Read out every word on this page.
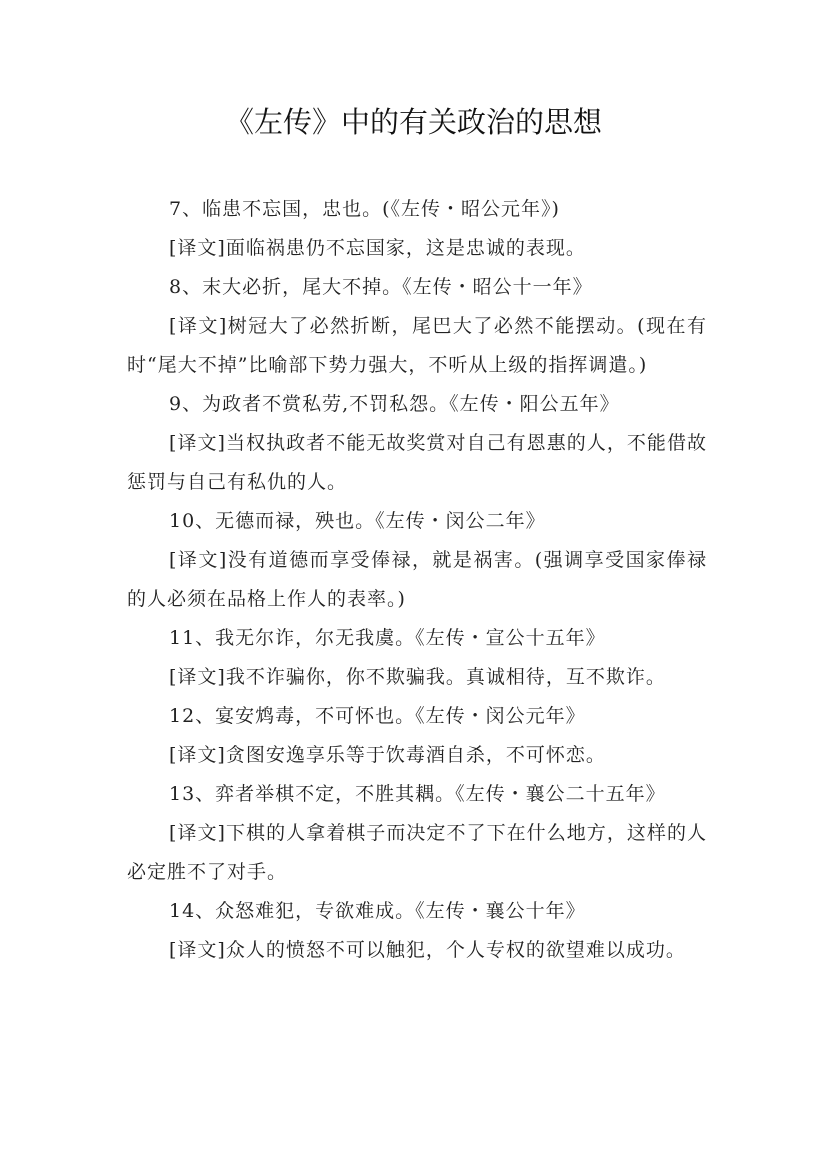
《左传》中的有关政治的思想

7、临患不忘国，忠也。(《左传・昭公元年》)

[译文]面临祸患仍不忘国家，这是忠诚的表现。

8、末大必折，尾大不掉。《左传・昭公十一年》

[译文]树冠大了必然折断，尾巴大了必然不能摆动。(现在有时“尾大不掉”比喻部下势力强大，不听从上级的指挥调遣。)

9、为政者不赏私劳,不罚私怨。《左传・阳公五年》

[译文]当权执政者不能无故奖赏对自己有恩惠的人，不能借故惩罚与自己有私仇的人。

10、无德而禄，殃也。《左传・闵公二年》

[译文]没有道德而享受俸禄，就是祸害。(强调享受国家俸禄的人必须在品格上作人的表率。)

11、我无尔诈，尔无我虞。《左传・宣公十五年》

[译文]我不诈骗你，你不欺骗我。真诚相待，互不欺诈。

12、宴安鸩毒，不可怀也。《左传・闵公元年》

[译文]贪图安逸享乐等于饮毒酒自杀，不可怀恋。

13、弈者举棋不定，不胜其耦。《左传・襄公二十五年》

[译文]下棋的人拿着棋子而决定不了下在什么地方，这样的人必定胜不了对手。

14、众怒难犯，专欲难成。《左传・襄公十年》

[译文]众人的愤怒不可以触犯，个人专权的欲望难以成功。
